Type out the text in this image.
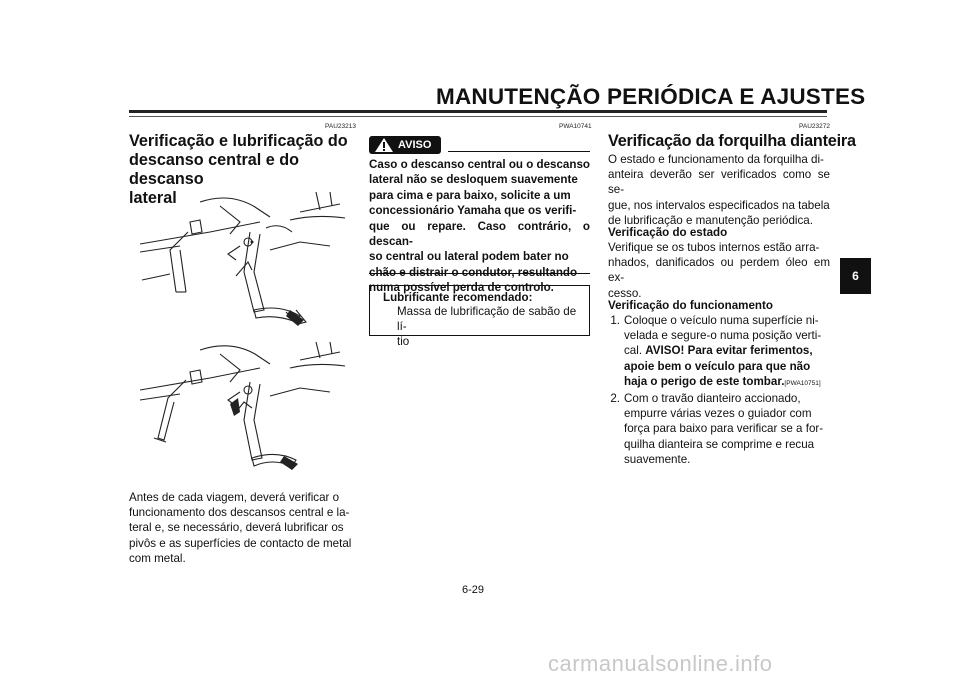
MANUTENÇÃO PERIÓDICA E AJUSTES
PAU23213
Verificação e lubrificação do
descanso central e do descanso
lateral

Antes de cada viagem, deverá verificar o

funcionamento dos descansos central e la-

teral e, se necessário, deverá lubrificar os

pivôs e as superfícies de contacto de metal

com metal.

PWA10741
AVISO

Caso o descanso central ou o descanso

lateral não se desloquem suavemente

para cima e para baixo, solicite a um

concessionário Yamaha que os verifi-

que ou repare. Caso contrário, o descan-

so central ou lateral podem bater no

numa possível perda de controlo.

Lubrificante recomendado:

Massa de lubrificação de sabão de lí-

tio

PAU23272
Verificação da forquilha dianteira

O estado e funcionamento da forquilha di-

anteira deverão ser verificados como se se-

gue, nos intervalos especificados na tabela

de lubrificação e manutenção periódica.

Verificação do estado

Verifique se os tubos internos estão arra-

nhados, danificados ou perdem óleo em ex-

cesso.

Verificação do funcionamento
1. Coloque o veículo numa superfície ni-

velada e segure-o numa posição verti-

cal. AVISO! Para evitar ferimentos,

apoie bem o veículo para que não

haja o perigo de este tombar.[PWA10751]

2. Com o travão dianteiro accionado,

empurre várias vezes o guiador com

força para baixo para verificar se a for-

quilha dianteira se comprime e recua

suavemente.

6
6-29
carmanualsonline.info
